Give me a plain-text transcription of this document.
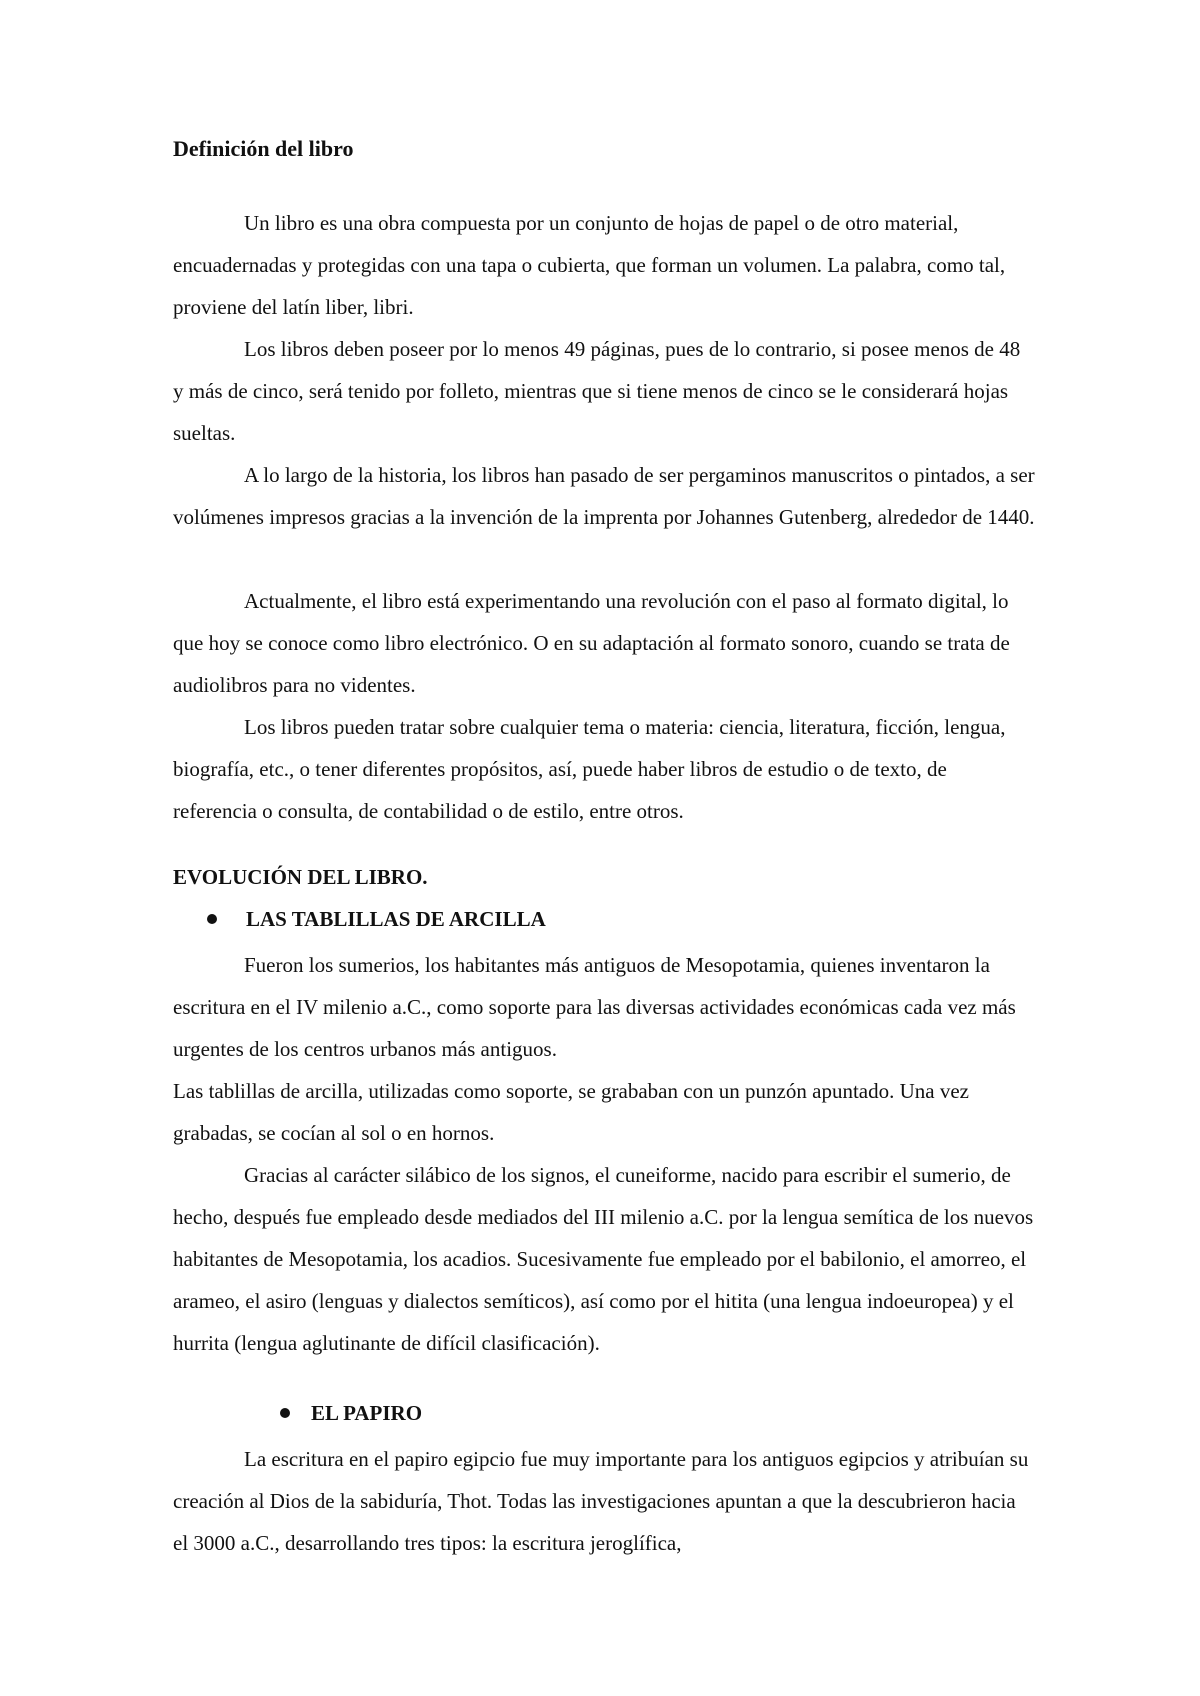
Definición del libro

Un libro es una obra compuesta por un conjunto de hojas de papel o de otro material, encuadernadas y protegidas con una tapa o cubierta, que forman un volumen. La palabra, como tal, proviene del latín liber, libri.

Los libros deben poseer por lo menos 49 páginas, pues de lo contrario, si posee menos de 48 y más de cinco, será tenido por folleto, mientras que si tiene menos de cinco se le considerará hojas sueltas.

A lo largo de la historia, los libros han pasado de ser pergaminos manuscritos o pintados, a ser volúmenes impresos gracias a la invención de la imprenta por Johannes Gutenberg, alrededor de 1440.

Actualmente, el libro está experimentando una revolución con el paso al formato digital, lo que hoy se conoce como libro electrónico. O en su adaptación al formato sonoro, cuando se trata de audiolibros para no videntes.

Los libros pueden tratar sobre cualquier tema o materia: ciencia, literatura, ficción, lengua, biografía, etc., o tener diferentes propósitos, así, puede haber libros de estudio o de texto, de referencia o consulta, de contabilidad o de estilo, entre otros.

EVOLUCIÓN DEL LIBRO.
LAS TABLILLAS DE ARCILLA

Fueron los sumerios, los habitantes más antiguos de Mesopotamia, quienes inventaron la escritura en el IV milenio a.C., como soporte para las diversas actividades económicas cada vez más urgentes de los centros urbanos más antiguos.

Las tablillas de arcilla, utilizadas como soporte, se grababan con un punzón apuntado. Una vez grabadas, se cocían al sol o en hornos.

Gracias al carácter silábico de los signos, el cuneiforme, nacido para escribir el sumerio, de hecho, después fue empleado desde mediados del III milenio a.C. por la lengua semítica de los nuevos habitantes de Mesopotamia, los acadios. Sucesivamente fue empleado por el babilonio, el amorreo, el arameo, el asiro (lenguas y dialectos semíticos), así como por el hitita (una lengua indoeuropea) y el hurrita (lengua aglutinante de difícil clasificación).

EL PAPIRO

La escritura en el papiro egipcio fue muy importante para los antiguos egipcios y atribuían su creación al Dios de la sabiduría, Thot. Todas las investigaciones apuntan a que la descubrieron hacia el 3000 a.C., desarrollando tres tipos: la escritura jeroglífica,
